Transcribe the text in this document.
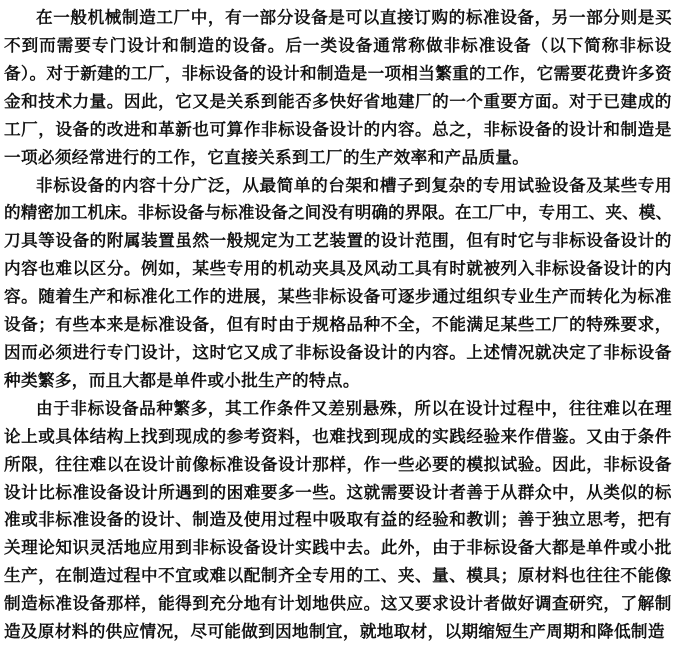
在一般机械制造工厂中，有一部分设备是可以直接订购的标准设备，另一部分则是买
不到而需要专门设计和制造的设备。后一类设备通常称做非标准设备（以下简称非标设
备）。对于新建的工厂，非标设备的设计和制造是一项相当繁重的工作，它需要花费许多资
金和技术力量。因此，它又是关系到能否多快好省地建厂的一个重要方面。对于已建成的
工厂，设备的改进和革新也可算作非标设备设计的内容。总之，非标设备的设计和制造是
一项必须经常进行的工作，它直接关系到工厂的生产效率和产品质量。
非标设备的内容十分广泛，从最简单的台架和槽子到复杂的专用试验设备及某些专用
的精密加工机床。非标设备与标准设备之间没有明确的界限。在工厂中，专用工、夹、模、
刀具等设备的附属装置虽然一般规定为工艺装置的设计范围，但有时它与非标设备设计的
内容也难以区分。例如，某些专用的机动夹具及风动工具有时就被列入非标设备设计的内
容。随着生产和标准化工作的进展，某些非标设备可逐步通过组织专业生产而转化为标准
设备；有些本来是标准设备，但有时由于规格品种不全，不能满足某些工厂的特殊要求，
因而必须进行专门设计，这时它又成了非标设备设计的内容。上述情况就决定了非标设备
种类繁多，而且大都是单件或小批生产的特点。
由于非标设备品种繁多，其工作条件又差别悬殊，所以在设计过程中，往往难以在理
论上或具体结构上找到现成的参考资料，也难找到现成的实践经验来作借鉴。又由于条件
所限，往往难以在设计前像标准设备设计那样，作一些必要的模拟试验。因此，非标设备
设计比标准设备设计所遇到的困难要多一些。这就需要设计者善于从群众中，从类似的标
准或非标准设备的设计、制造及使用过程中吸取有益的经验和教训；善于独立思考，把有
关理论知识灵活地应用到非标设备设计实践中去。此外，由于非标设备大都是单件或小批
生产，在制造过程中不宜或难以配制齐全专用的工、夹、量、模具；原材料也往往不能像
制造标准设备那样，能得到充分地有计划地供应。这又要求设计者做好调查研究，了解制
造及原材料的供应情况，尽可能做到因地制宜，就地取材，以期缩短生产周期和降低制造
